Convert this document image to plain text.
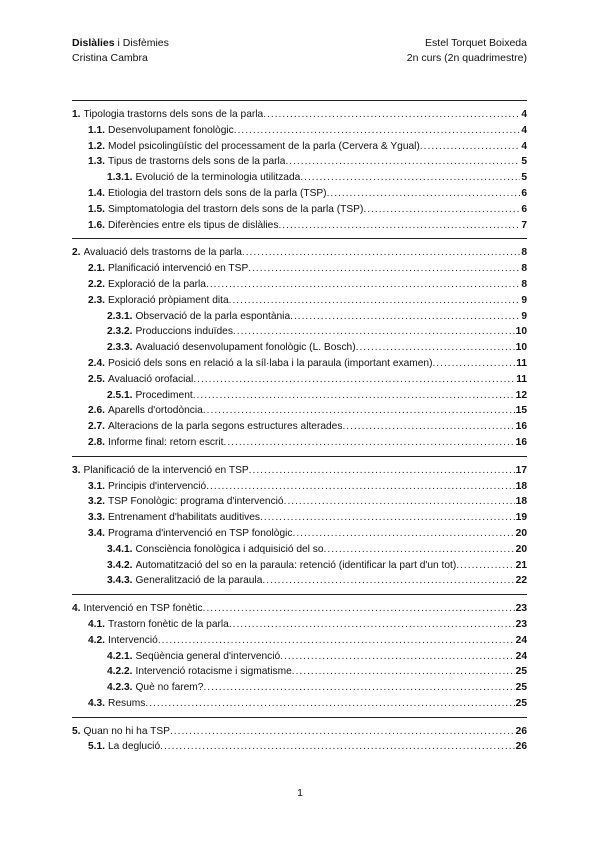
Dislàlies i Disfèmies
Cristina Cambra
Estel Torquet Boixeda
2n curs (2n quadrimestre)
1. Tipologia trastorns dels sons de la parla .....	4
1.1. Desenvolupament fonològic .....	4
1.2. Model psicolingüístic del processament de la parla (Cervera & Ygual) .....	4
1.3. Tipus de trastorns dels sons de la parla .....	5
1.3.1. Evolució de la terminologia utilitzada .....	5
1.4. Etiologia del trastorn dels sons de la parla (TSP) .....	6
1.5. Simptomatologia del trastorn dels sons de la parla (TSP) .....	6
1.6. Diferències entre els tipus de dislàlies .....	7
2. Avaluació dels trastorns de la parla .....	8
2.1. Planificació intervenció en TSP .....	8
2.2. Exploració de la parla .....	8
2.3. Exploració pròpiament dita .....	9
2.3.1. Observació de la parla espontània .....	9
2.3.2. Produccions induïdes .....	10
2.3.3. Avaluació desenvolupament fonològic (L. Bosch) .....	10
2.4. Posició dels sons en relació a la síl·laba i la paraula (important examen) .....	11
2.5. Avaluació orofacial .....	11
2.5.1. Procediment .....	12
2.6. Aparells d'ortodòncia .....	15
2.7. Alteracions de la parla segons estructures alterades .....	16
2.8. Informe final: retorn escrit .....	16
3. Planificació de la intervenció en TSP .....	17
3.1. Principis d'intervenció .....	18
3.2. TSP Fonològic: programa d'intervenció .....	18
3.3. Entrenament d'habilitats auditives .....	19
3.4. Programa d'intervenció en TSP fonològic .....	20
3.4.1. Consciència fonològica i adquisició del so .....	20
3.4.2. Automatització del so en la paraula: retenció (identificar la part d'un tot) .....	21
3.4.3. Generalització de la paraula .....	22
4. Intervenció en TSP fonètic .....	23
4.1. Trastorn fonètic de la parla .....	23
4.2. Intervenció .....	24
4.2.1. Seqüència general d'intervenció .....	24
4.2.2. Intervenció rotacisme i sigmatisme .....	25
4.2.3. Què no farem? .....	25
4.3. Resums .....	25
5. Quan no hi ha TSP .....	26
5.1. La deglució .....	26
1
